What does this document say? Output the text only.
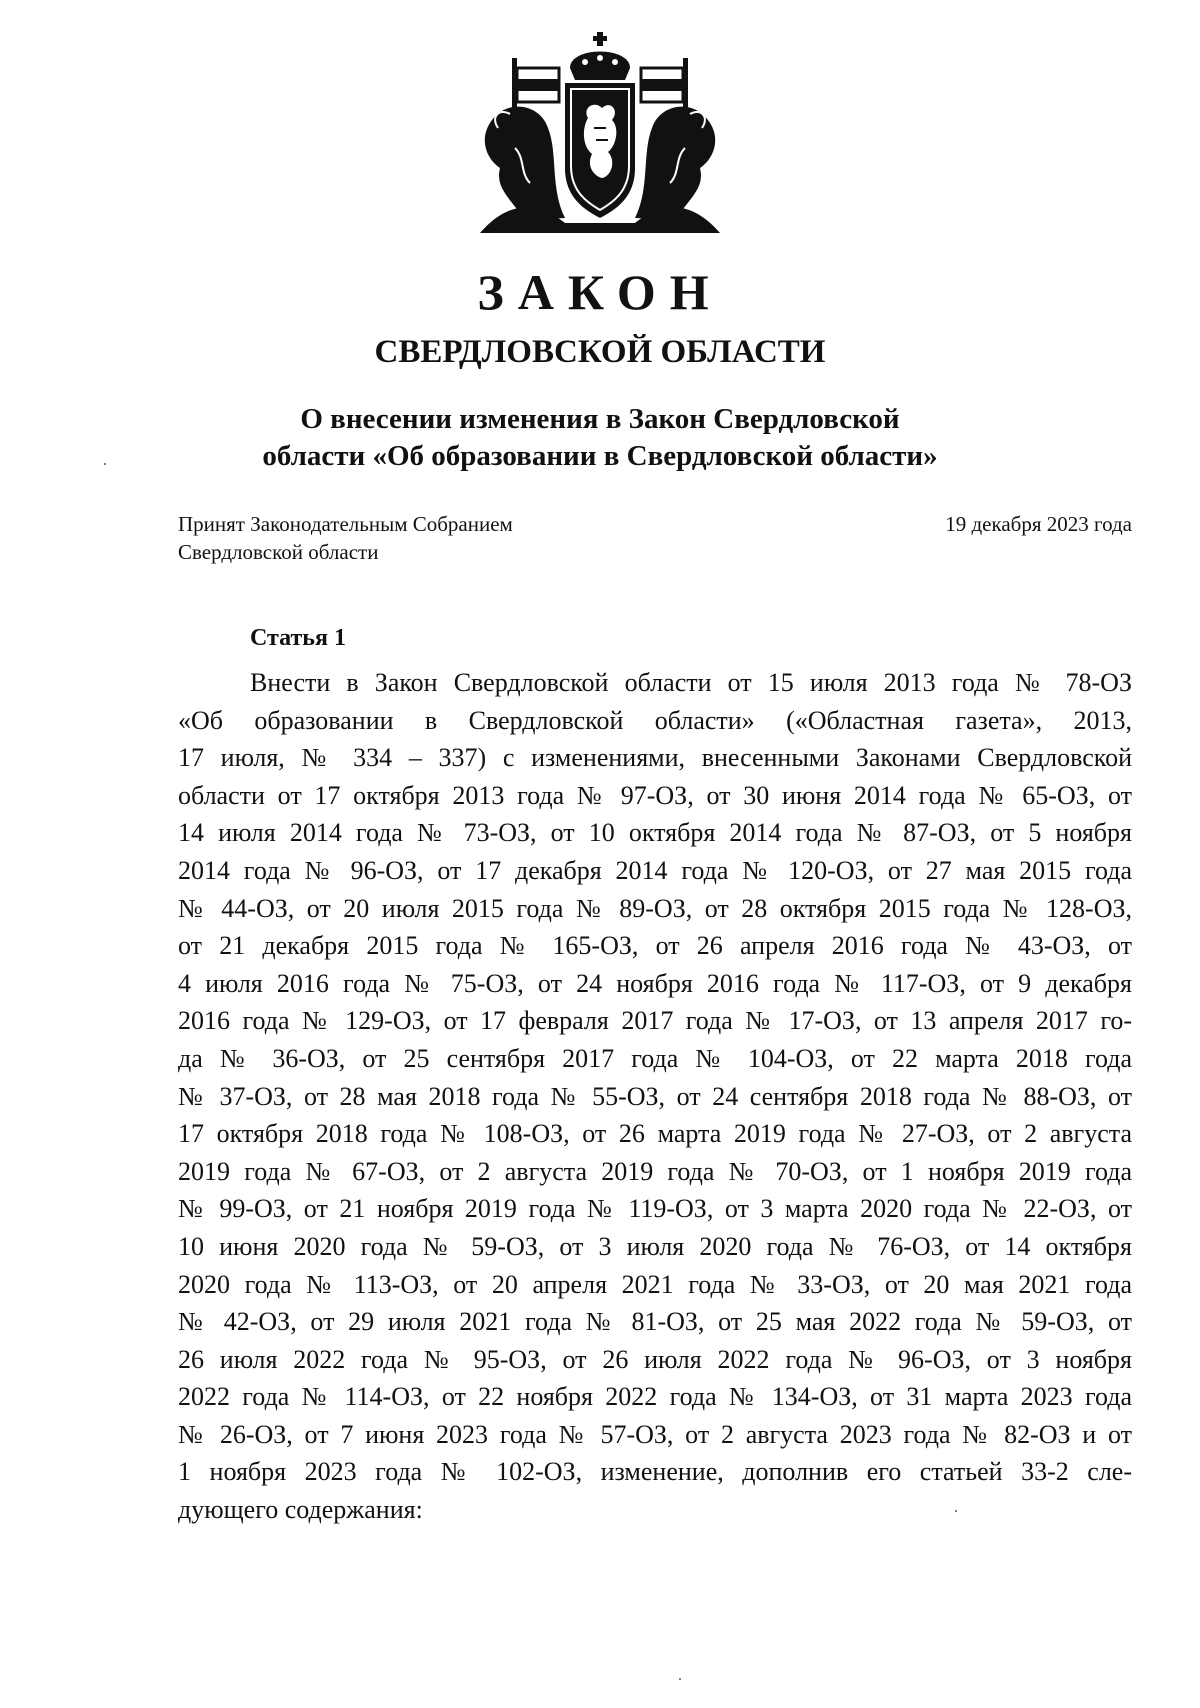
ЗАКОН
СВЕРДЛОВСКОЙ ОБЛАСТИ
О внесении изменения в Закон Свердловской
области «Об образовании в Свердловской области»
Принят Законодательным Собранием
Свердловской области
19 декабря 2023 года
Статья 1
Внести в Закон Свердловской области от 15 июля 2013 года № 78-ОЗ
«Об образовании в Свердловской области» («Областная газета», 2013,
17 июля, № 334 – 337) с изменениями, внесенными Законами Свердловской
области от 17 октября 2013 года № 97-ОЗ, от 30 июня 2014 года № 65-ОЗ, от
14 июля 2014 года № 73-ОЗ, от 10 октября 2014 года № 87-ОЗ, от 5 ноября
2014 года № 96-ОЗ, от 17 декабря 2014 года № 120-ОЗ, от 27 мая 2015 года
№ 44-ОЗ, от 20 июля 2015 года № 89-ОЗ, от 28 октября 2015 года № 128-ОЗ,
от 21 декабря 2015 года № 165-ОЗ, от 26 апреля 2016 года № 43-ОЗ, от
4 июля 2016 года № 75-ОЗ, от 24 ноября 2016 года № 117-ОЗ, от 9 декабря
2016 года № 129-ОЗ, от 17 февраля 2017 года № 17-ОЗ, от 13 апреля 2017 го-
да № 36-ОЗ, от 25 сентября 2017 года № 104-ОЗ, от 22 марта 2018 года
№ 37-ОЗ, от 28 мая 2018 года № 55-ОЗ, от 24 сентября 2018 года № 88-ОЗ, от
17 октября 2018 года № 108-ОЗ, от 26 марта 2019 года № 27-ОЗ, от 2 августа
2019 года № 67-ОЗ, от 2 августа 2019 года № 70-ОЗ, от 1 ноября 2019 года
№ 99-ОЗ, от 21 ноября 2019 года № 119-ОЗ, от 3 марта 2020 года № 22-ОЗ, от
10 июня 2020 года № 59-ОЗ, от 3 июля 2020 года № 76-ОЗ, от 14 октября
2020 года № 113-ОЗ, от 20 апреля 2021 года № 33-ОЗ, от 20 мая 2021 года
№ 42-ОЗ, от 29 июля 2021 года № 81-ОЗ, от 25 мая 2022 года № 59-ОЗ, от
26 июля 2022 года № 95-ОЗ, от 26 июля 2022 года № 96-ОЗ, от 3 ноября
2022 года № 114-ОЗ, от 22 ноября 2022 года № 134-ОЗ, от 31 марта 2023 года
№ 26-ОЗ, от 7 июня 2023 года № 57-ОЗ, от 2 августа 2023 года № 82-ОЗ и от
1 ноября 2023 года № 102-ОЗ, изменение, дополнив его статьей 33-2 сле-
дующего содержания:
